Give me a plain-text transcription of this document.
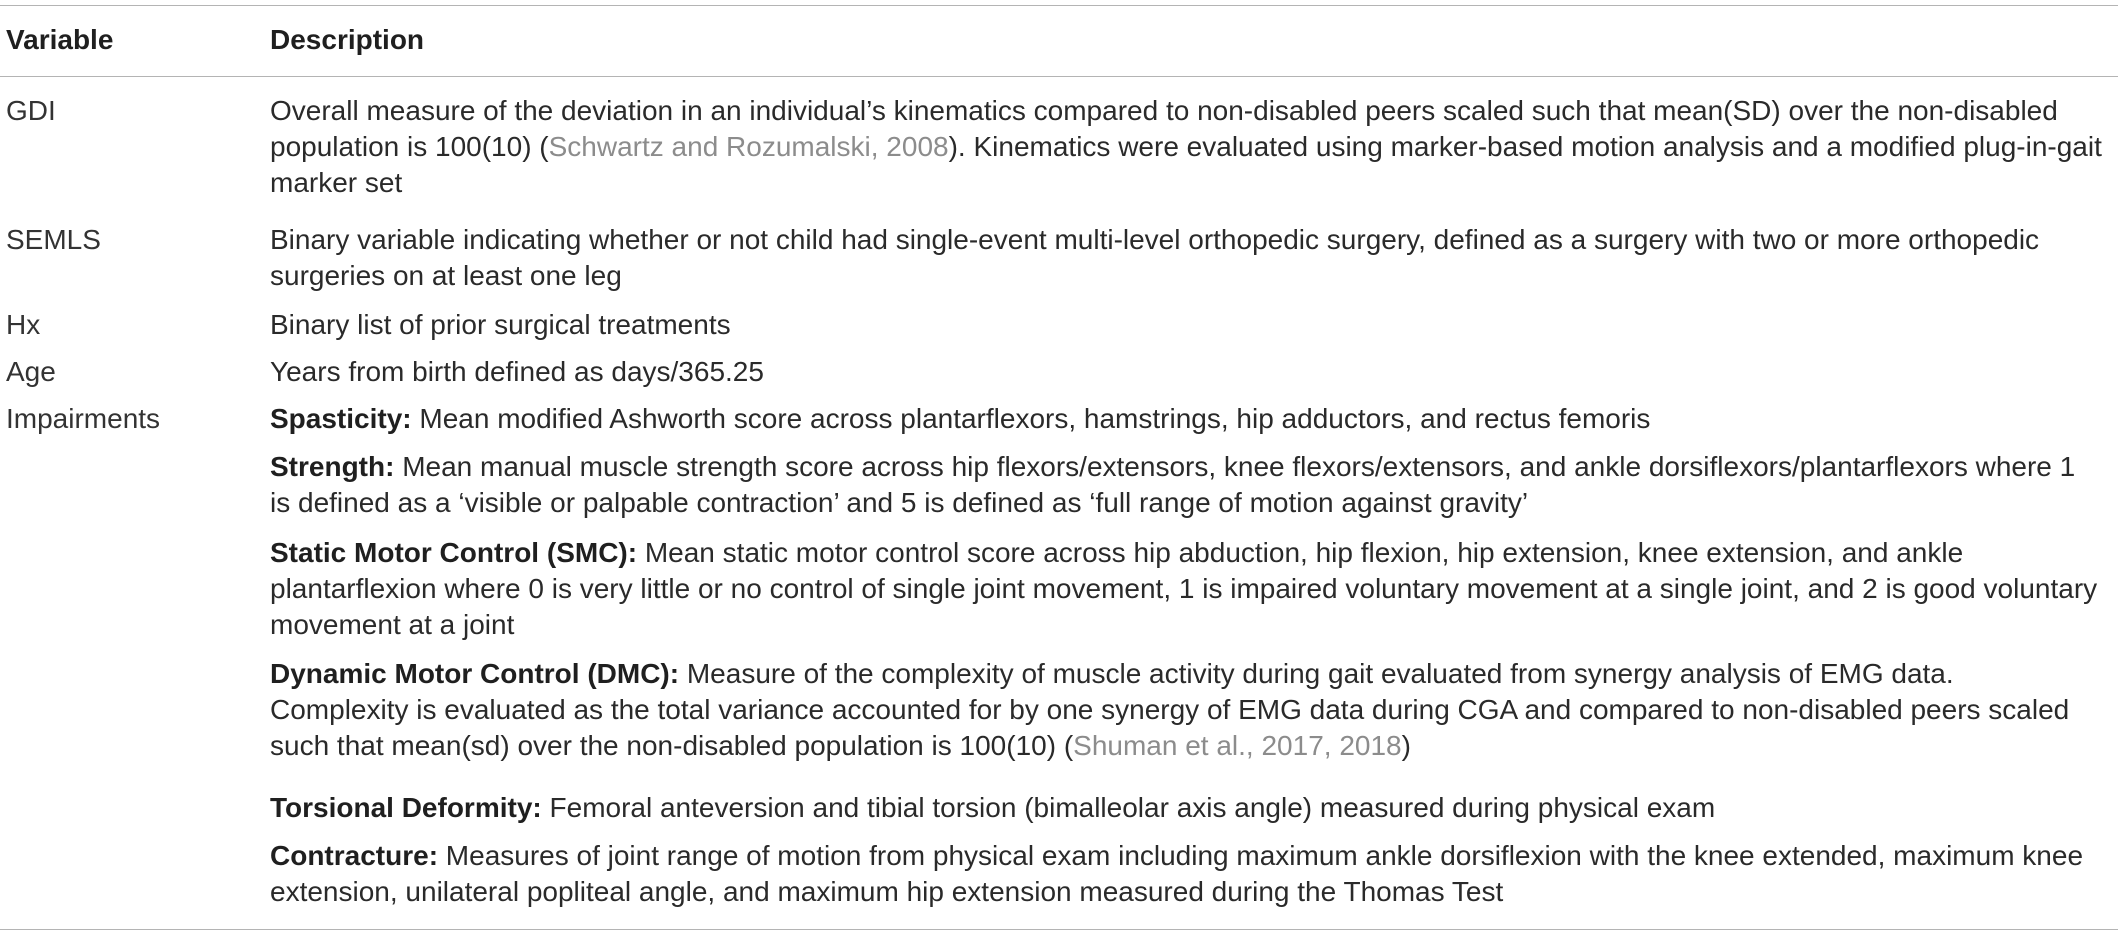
Variable	Description
GDI	Overall measure of the deviation in an individual’s kinematics compared to non-disabled peers scaled such that mean(SD) over the non-disabled
population is 100(10) (Schwartz and Rozumalski, 2008). Kinematics were evaluated using marker-based motion analysis and a modified plug-in-gait
marker set
SEMLS	Binary variable indicating whether or not child had single-event multi-level orthopedic surgery, defined as a surgery with two or more orthopedic
surgeries on at least one leg
Hx	Binary list of prior surgical treatments
Age	Years from birth defined as days/365.25
Impairments	Spasticity: Mean modified Ashworth score across plantarflexors, hamstrings, hip adductors, and rectus femoris
Strength: Mean manual muscle strength score across hip flexors/extensors, knee flexors/extensors, and ankle dorsiflexors/plantarflexors where 1
is defined as a ‘visible or palpable contraction’ and 5 is defined as ‘full range of motion against gravity’
Static Motor Control (SMC): Mean static motor control score across hip abduction, hip flexion, hip extension, knee extension, and ankle
plantarflexion where 0 is very little or no control of single joint movement, 1 is impaired voluntary movement at a single joint, and 2 is good voluntary
movement at a joint
Dynamic Motor Control (DMC): Measure of the complexity of muscle activity during gait evaluated from synergy analysis of EMG data.
Complexity is evaluated as the total variance accounted for by one synergy of EMG data during CGA and compared to non-disabled peers scaled
such that mean(sd) over the non-disabled population is 100(10) (Shuman et al., 2017, 2018)
Torsional Deformity: Femoral anteversion and tibial torsion (bimalleolar axis angle) measured during physical exam
Contracture: Measures of joint range of motion from physical exam including maximum ankle dorsiflexion with the knee extended, maximum knee
extension, unilateral popliteal angle, and maximum hip extension measured during the Thomas Test
